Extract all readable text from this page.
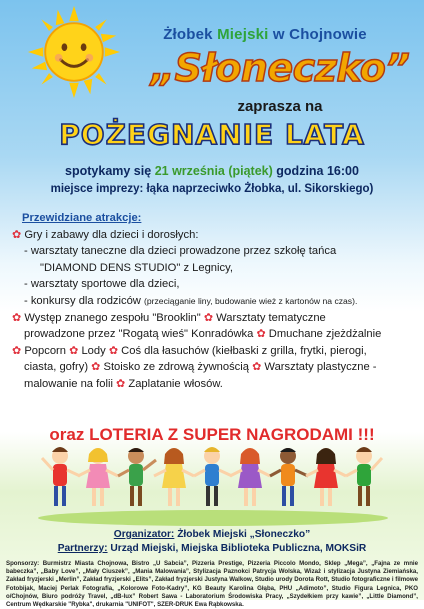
Żłobek Miejski w Chojnowie
„Słoneczko”
zaprasza na
POŻEGNANIE LATA
spotykamy się 21 września (piątek) godzina 16:00
miejsce imprezy: łąka naprzeciwko Żłobka, ul. Sikorskiego)
Przewidziane atrakcje:
✿ Gry i zabawy dla dzieci i dorosłych:
- warsztaty taneczne dla dzieci prowadzone przez szkołę tańca
"DIAMOND DENS STUDIO" z Legnicy,
- warsztaty sportowe dla dzieci,
- konkursy dla rodziców (przeciąganie liny, budowanie wież z kartonów na czas).
✿ Występ znanego zespołu "Brooklin" ✿ Warsztaty tematyczne
prowadzone przez "Rogatą wieś" Konradówka ✿ Dmuchane zjeżdżalnie
✿ Popcorn ✿ Lody ✿ Coś dla łasuchów (kiełbaski z grilla, frytki, pierogi,
ciasta, gofry) ✿ Stoisko ze zdrową żywnością ✿ Warsztaty plastyczne -
malowanie na folii ✿ Zaplatanie włosów.
oraz LOTERIA Z SUPER NAGRODAMI !!!
Organizator: Żłobek Miejski „Słoneczko”
Partnerzy: Urząd Miejski, Miejska Biblioteka Publiczna, MOKSiR
Sponsorzy: Burmistrz Miasta Chojnowa, Bistro „U Sabcia”, Pizzeria Prestige, Pizzeria Piccolo Mondo, Sklep „Mega”, „Fajna ze mnie babeczka”, „Baby Love”, „Mały Ciuszek”, „Mania Malowania”, Stylizacja Paznokci Patrycja Wolska, Wizaż i stylizacja Justyna Ziemiańska, Zakład fryzjerski „Merlin”, Zakład fryzjerski „Elits”, Zakład fryzjerski Justyna Walkow, Studio urody Dorota Rott, Studio fotograficzne i filmowe Fotobijak, Maciej Perlak Fotografia, „Kolorowe Foto-Kadry”, KG Beauty Karolina Głąba, PHU „Adimoto”, Studio Figura Legnica, PKO o/Chojnów, Biuro podróży Travel, „dB-lux” Robert Sawa - Laboratorium Środowiska Pracy, „Szydełkiem przy kawie”, „Little Diamond”, Centrum Wędkarskie "Rybka", drukarnia "UNIFOT", SZER-DRUK Ewa Rąbkowska.
